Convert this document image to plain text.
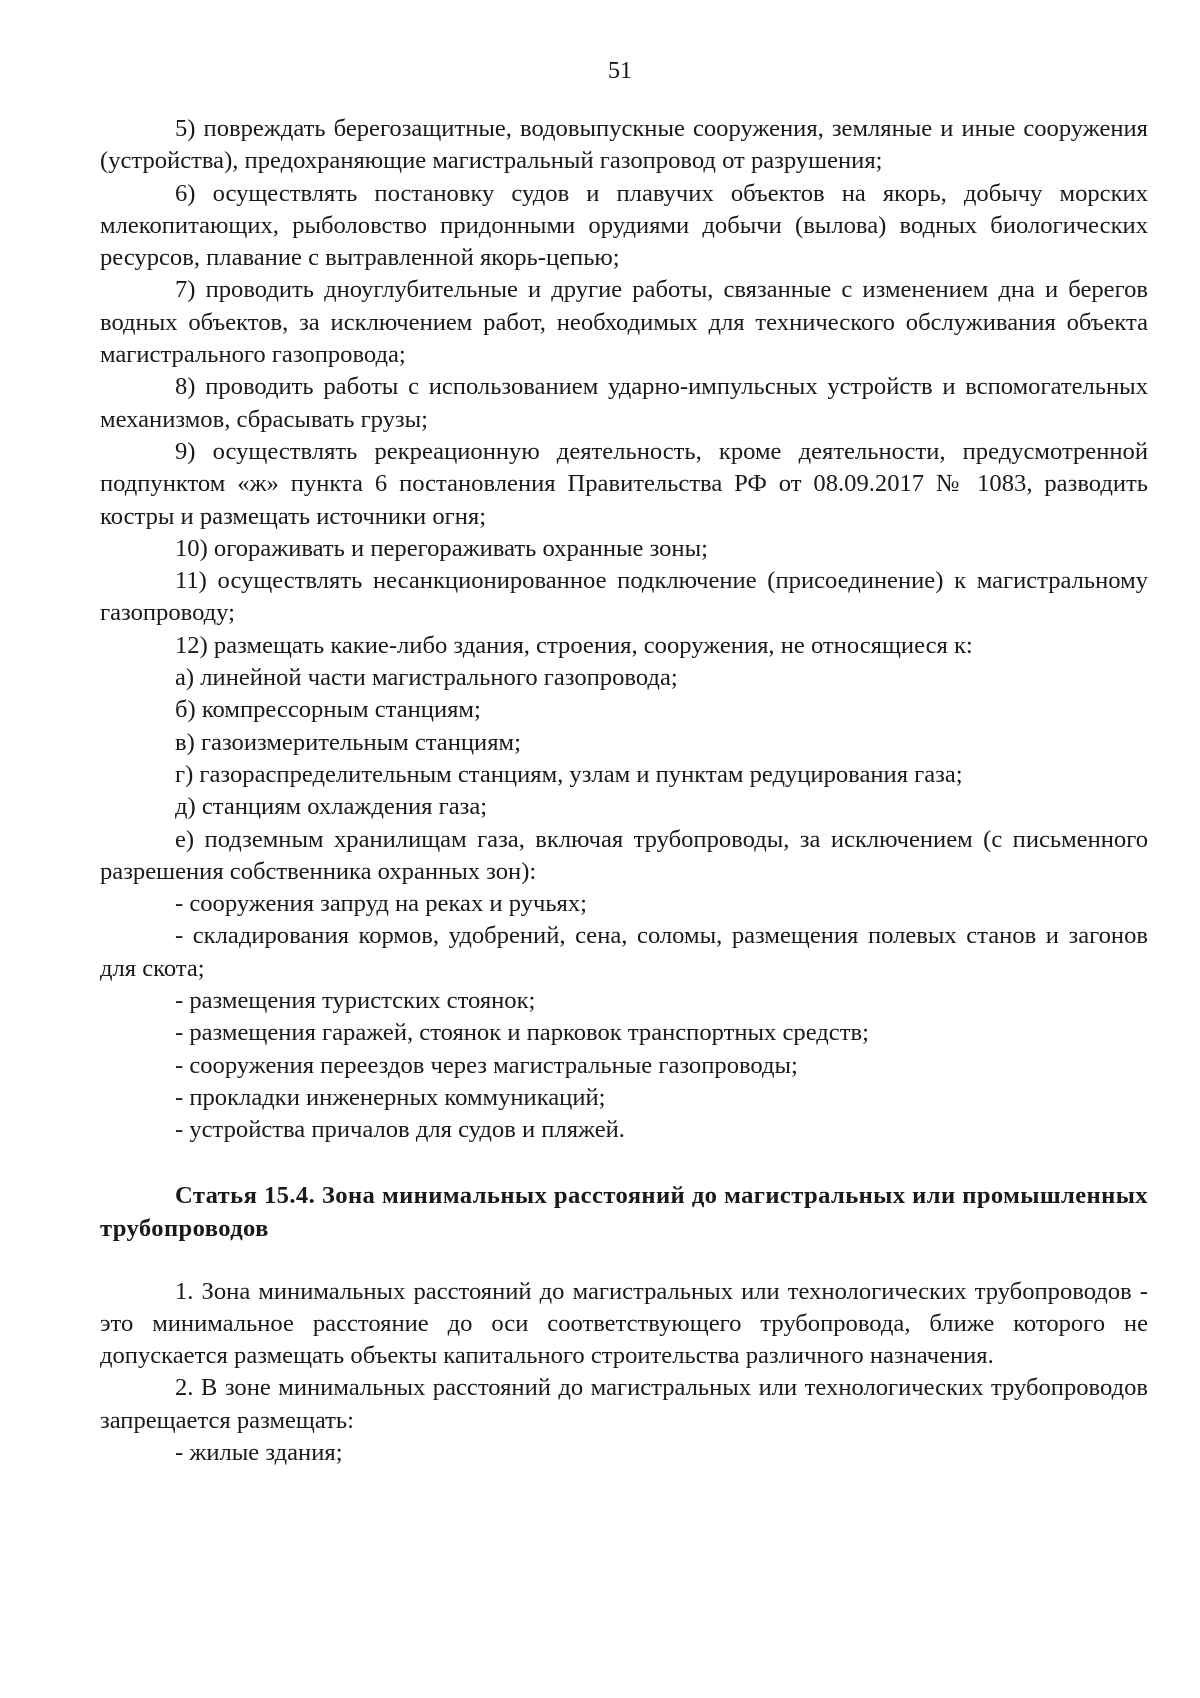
51

5) повреждать берегозащитные, водовыпускные сооружения, земляные и иные сооружения (устройства), предохраняющие магистральный газопровод от разрушения;

6) осуществлять постановку судов и плавучих объектов на якорь, добычу морских млекопитающих, рыболовство придонными орудиями добычи (вылова) водных биологических ресурсов, плавание с вытравленной якорь-цепью;

7) проводить дноуглубительные и другие работы, связанные с изменением дна и берегов водных объектов, за исключением работ, необходимых для технического обслуживания объекта магистрального газопровода;

8) проводить работы с использованием ударно-импульсных устройств и вспомогательных механизмов, сбрасывать грузы;

9) осуществлять рекреационную деятельность, кроме деятельности, предусмотренной подпунктом «ж» пункта 6 постановления Правительства РФ от 08.09.2017 № 1083, разводить костры и размещать источники огня;

10) огораживать и перегораживать охранные зоны;

11) осуществлять несанкционированное подключение (присоединение) к магистральному газопроводу;

12) размещать какие-либо здания, строения, сооружения, не относящиеся к:

а) линейной части магистрального газопровода;

б) компрессорным станциям;

в) газоизмерительным станциям;

г) газораспределительным станциям, узлам и пунктам редуцирования газа;

д) станциям охлаждения газа;

е) подземным хранилищам газа, включая трубопроводы, за исключением (с письменного разрешения собственника охранных зон):

- сооружения запруд на реках и ручьях;

- складирования кормов, удобрений, сена, соломы, размещения полевых станов и загонов для скота;

- размещения туристских стоянок;

- размещения гаражей, стоянок и парковок транспортных средств;

- сооружения переездов через магистральные газопроводы;

- прокладки инженерных коммуникаций;

- устройства причалов для судов и пляжей.

Статья 15.4. Зона минимальных расстояний до магистральных или промышленных трубопроводов

1. Зона минимальных расстояний до магистральных или технологических трубопроводов - это минимальное расстояние до оси соответствующего трубопровода, ближе которого не допускается размещать объекты капитального строительства различного назначения.

2. В зоне минимальных расстояний до магистральных или технологических трубопроводов запрещается размещать:

- жилые здания;
